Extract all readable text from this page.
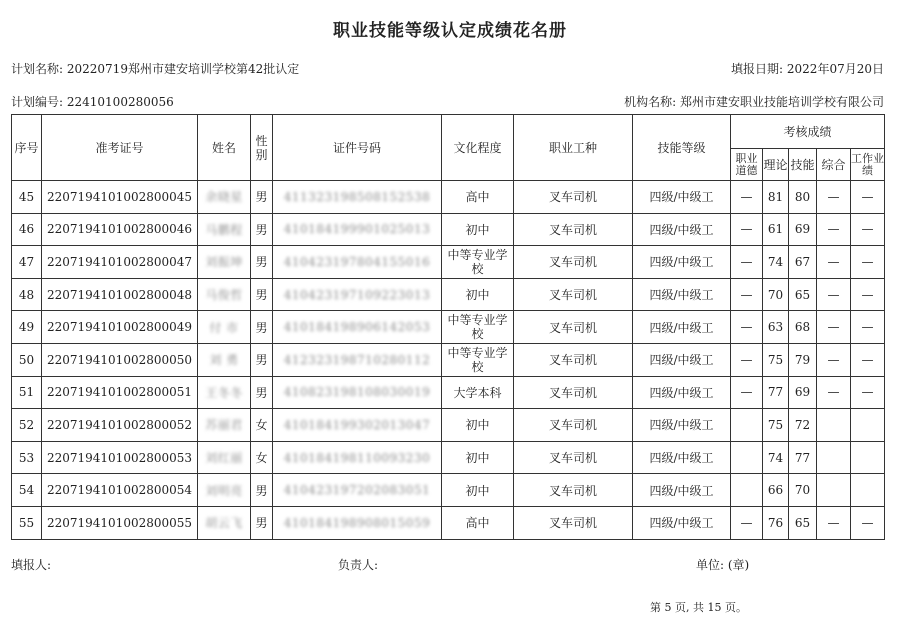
职业技能等级认定成绩花名册
计划名称: 20220719郑州市建安培训学校第42批认定	填报日期: 2022年07月20日
计划编号: 22410100280056	机构名称: 郑州市建安职业技能培训学校有限公司
序号	准考证号	姓名	性别	证件号码	文化程度	职业工种	技能等级	考核成绩				
								职业道德	理论	技能	综合	工作业绩
45	2207194101002800045	余晓星	男	411323198508152538	高中	叉车司机	四级/中级工	—	81	80	—	—
46	2207194101002800046	马鹏程	男	410184199901025013	初中	叉车司机	四级/中级工	—	61	69	—	—
47	2207194101002800047	刘振坤	男	410423197804155016	中等专业学校	叉车司机	四级/中级工	—	74	67	—	—
48	2207194101002800048	马俊哲	男	410423197109223013	初中	叉车司机	四级/中级工	—	70	65	—	—
49	2207194101002800049	付 市	男	410184198906142053	中等专业学校	叉车司机	四级/中级工	—	63	68	—	—
50	2207194101002800050	刘 勇	男	412323198710280112	中等专业学校	叉车司机	四级/中级工	—	75	79	—	—
51	2207194101002800051	王冬冬	男	410823198108030019	大学本科	叉车司机	四级/中级工	—	77	69	—	—
52	2207194101002800052	苏丽君	女	410184199302013047	初中	叉车司机	四级/中级工		75	72		
53	2207194101002800053	刘红丽	女	410184198110093230	初中	叉车司机	四级/中级工		74	77		
54	2207194101002800054	刘明亮	男	410423197202083051	初中	叉车司机	四级/中级工		66	70		
55	2207194101002800055	胡云飞	男	410184198908015059	高中	叉车司机	四级/中级工	—	76	65	—	—
填报人:	负责人:	单位: (章)
第 5 页, 共 15 页。
